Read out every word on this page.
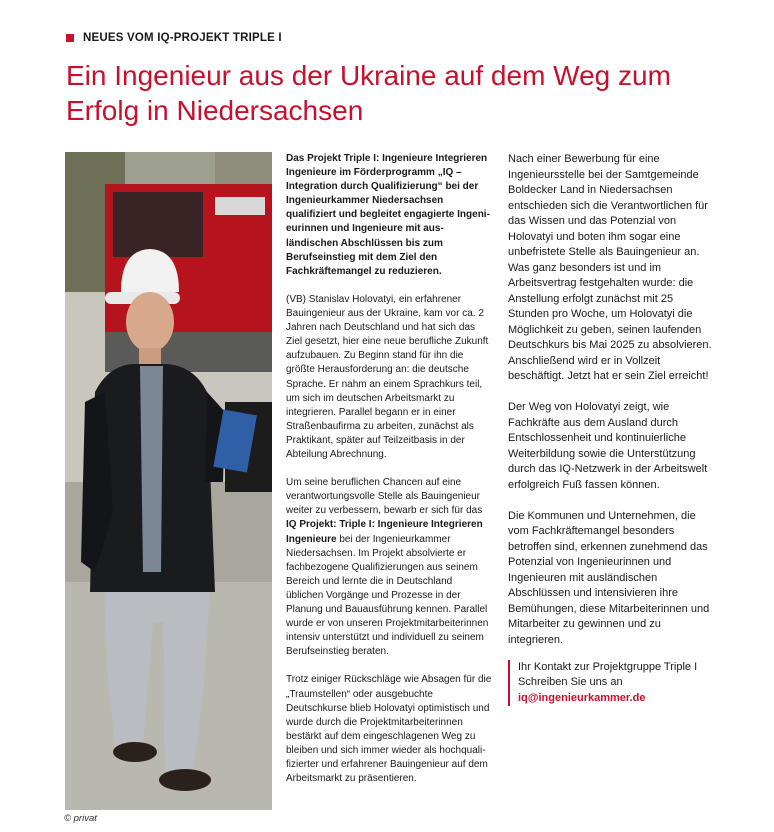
NEUES VOM IQ-PROJEKT TRIPLE I
Ein Ingenieur aus der Ukraine auf dem Weg zum Erfolg in Niedersachsen
© privat

Das Projekt Triple I: Ingenieure Integrieren Ingenieure im Förderprogramm „IQ – Integration durch Qualifizierung“ bei der Ingenieurkammer Niedersachsen qualifiziert und begleitet engagierte Ingenieurinnen und Ingenieure mit ausländischen Abschlüssen bis zum Berufseinstieg mit dem Ziel den Fachkräftemangel zu reduzieren.

(VB) Stanislav Holovatyi, ein erfahrener Bauingenieur aus der Ukraine, kam vor ca. 2 Jahren nach Deutschland und hat sich das Ziel gesetzt, hier eine neue berufliche Zukunft aufzubauen. Zu Beginn stand für ihn die größte Herausforderung an: die deutsche Sprache. Er nahm an einem Sprachkurs teil, um sich im deutschen Arbeitsmarkt zu integrieren. Parallel begann er in einer Straßenbaufirma zu arbeiten, zunächst als Praktikant, später auf Teilzeitbasis in der Abteilung Abrechnung.

Um seine beruflichen Chancen auf eine verantwortungsvolle Stelle als Bauingenieur weiter zu verbessern, bewarb er sich für das IQ Projekt: Triple I: Ingenieure Integrieren Ingenieure bei der Ingenieurkammer Niedersachsen. Im Projekt absolvierte er fachbezogene Qualifizierungen aus seinem Bereich und lernte die in Deutschland üblichen Vorgänge und Prozesse in der Planung und Bauausführung kennen. Parallel wurde er von unseren Projektmitarbeiterinnen intensiv unterstützt und individuell zu seinem Berufseinstieg beraten.

Trotz einiger Rückschläge wie Absagen für die „Traumstellen“ oder ausgebuchte Deutschkurse blieb Holovatyi optimistisch und wurde durch die Projektmitarbeiterinnen bestärkt auf dem eingeschlagenen Weg zu bleiben und sich immer wieder als hochqualifizierter und erfahrener Bauingenieur auf dem Arbeitsmarkt zu präsentieren.

Nach einer Bewerbung für eine Ingenieursstelle bei der Samtgemeinde Boldecker Land in Niedersachsen entschieden sich die Verantwortlichen für das Wissen und das Potenzial von Holovatyi und boten ihm sogar eine unbefristete Stelle als Bauingenieur an. Was ganz besonders ist und im Arbeitsvertrag festgehalten wurde: die Anstellung erfolgt zunächst mit 25 Stunden pro Woche, um Holovatyi die Möglichkeit zu geben, seinen laufenden Deutschkurs bis Mai 2025 zu absolvieren. Anschließend wird er in Vollzeit beschäftigt. Jetzt hat er sein Ziel erreicht!

Der Weg von Holovatyi zeigt, wie Fachkräfte aus dem Ausland durch Entschlossenheit und kontinuierliche Weiterbildung sowie die Unterstützung durch das IQ-Netzwerk in der Arbeitswelt erfolgreich Fuß fassen können.

Die Kommunen und Unternehmen, die vom Fachkräftemangel besonders betroffen sind, erkennen zunehmend das Potenzial von Ingenieurinnen und Ingenieuren mit ausländischen Abschlüssen und intensivieren ihre Bemühungen, diese Mitarbeiterinnen und Mitarbeiter zu gewinnen und zu integrieren.

Ihr Kontakt zur Projektgruppe Triple I
Schreiben Sie uns an
iq@ingenieurkammer.de
